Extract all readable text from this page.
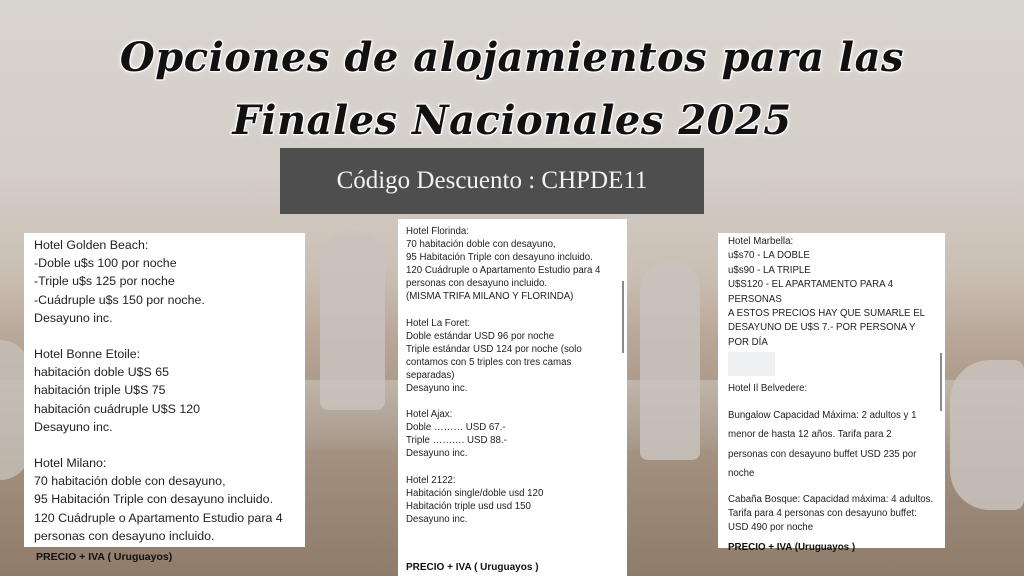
Opciones de alojamientos para las
Finales Nacionales 2025
Código Descuento : CHPDE11

Hotel Golden Beach:

-Doble u$s 100 por noche

-Triple u$s 125 por noche

-Cuádruple u$s 150 por noche.

Desayuno inc.

Hotel Bonne Etoile:

habitación doble U$S 65

habitación triple U$S 75

habitación cuádruple U$S 120

Desayuno inc.

Hotel Milano:

70 habitación doble con desayuno,

95 Habitación Triple con desayuno incluido.

120 Cuádruple o Apartamento Estudio para 4

personas con desayuno incluido.

PRECIO + IVA ( Uruguayos)

Hotel Florinda:

70 habitación doble con desayuno,

95 Habitación Triple con desayuno incluido.

120 Cuádruple o Apartamento Estudio para 4

personas con desayuno incluido.

(MISMA TRIFA MILANO Y FLORINDA)

Hotel La Foret:

Doble estándar USD 96 por noche

Triple estándar USD 124 por noche (solo

contamos con 5 triples con tres camas

separadas)

Desayuno inc.

Hotel Ajax:

Doble ……… USD 67.-

Triple ………. USD 88.-

Desayuno inc.

Hotel 2122:

Habitación single/doble usd 120

Habitación triple usd usd 150

Desayuno inc.

PRECIO + IVA ( Uruguayos )

Hotel Marbella:

u$s70 - LA DOBLE

u$s90 - LA TRIPLE

U$S120 - EL APARTAMENTO PARA 4

PERSONAS

A ESTOS PRECIOS HAY QUE SUMARLE EL

DESAYUNO DE U$S 7.- POR PERSONA Y

POR DÍA

Hotel Il Belvedere:

Bungalow Capacidad Máxima: 2 adultos y 1

menor de hasta 12 años. Tarifa para 2

personas con desayuno buffet USD 235 por

noche

Cabaña Bosque: Capacidad máxima: 4 adultos.

Tarifa para 4 personas con desayuno buffet:

USD 490 por noche

PRECIO + IVA (Uruguayos )
